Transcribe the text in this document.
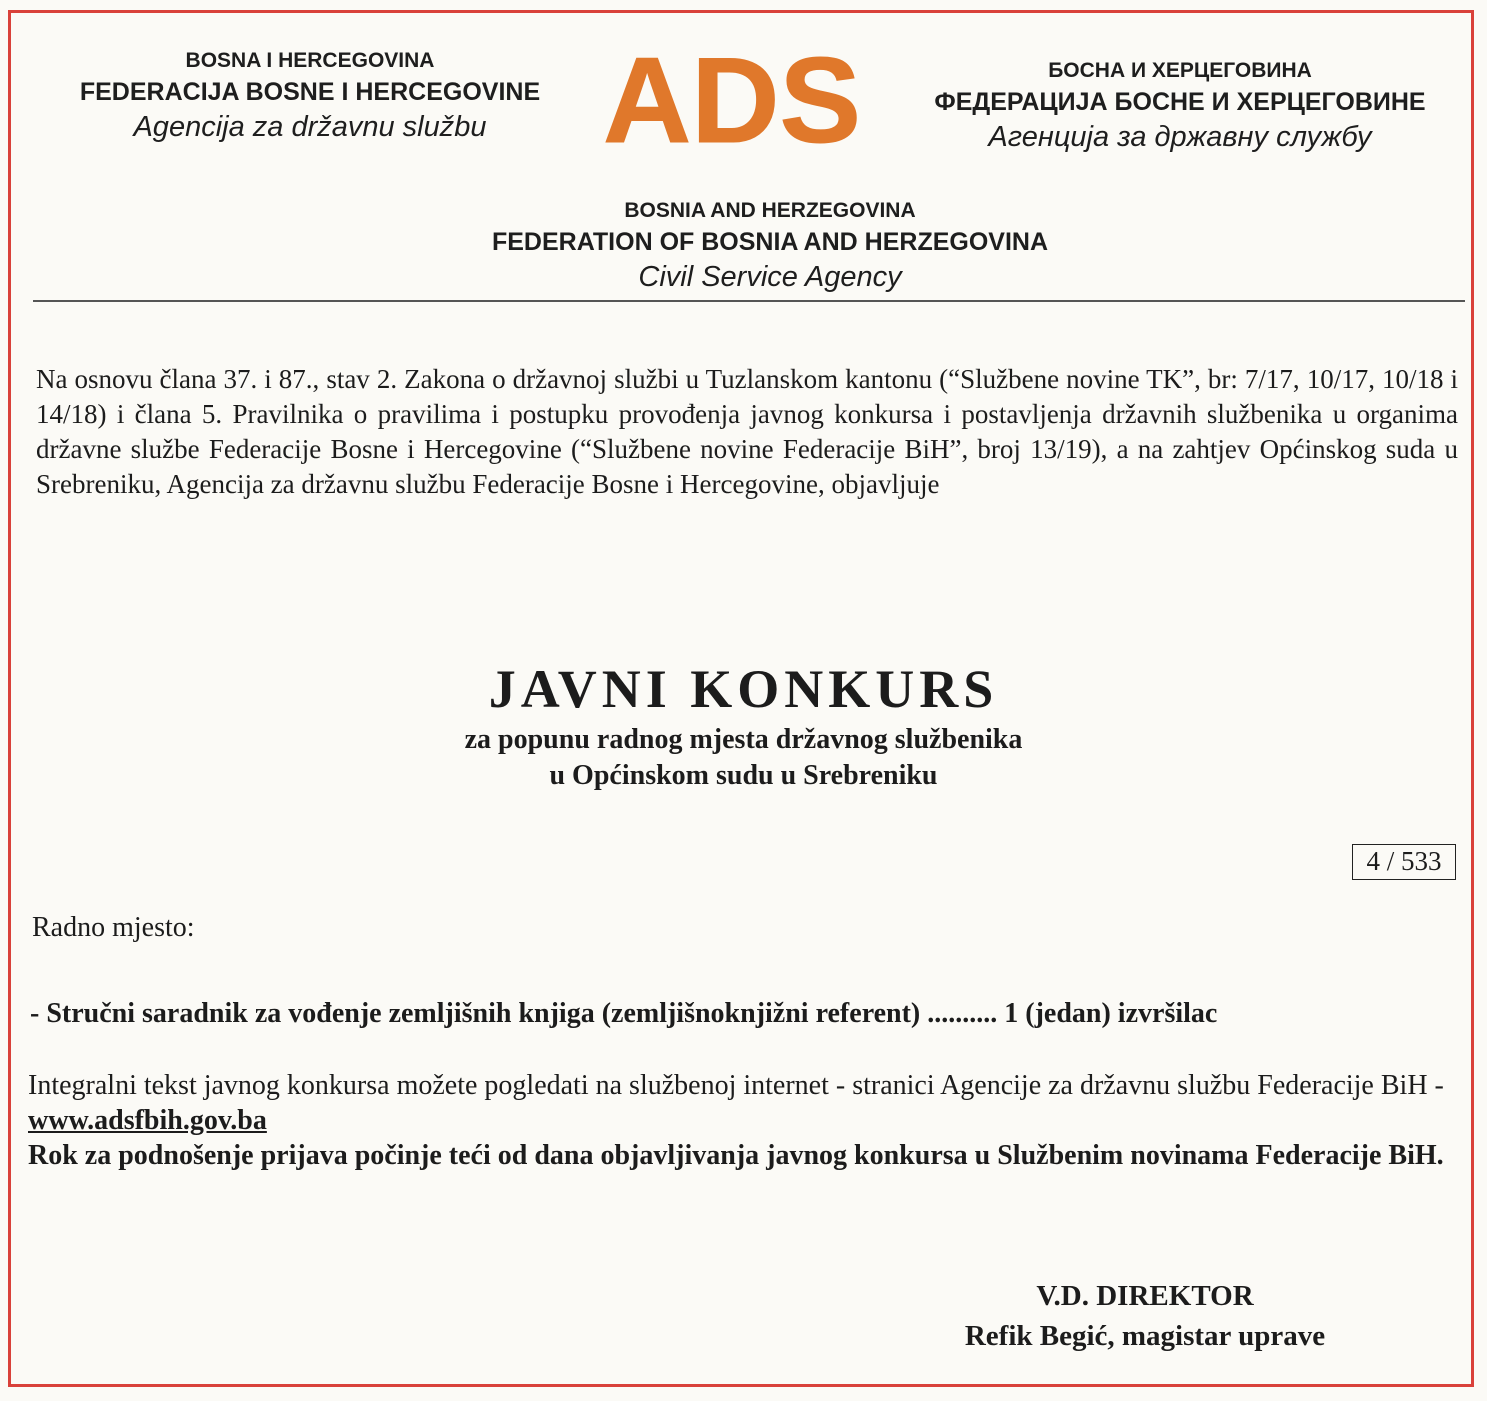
BOSNA I HERCEGOVINA
FEDERACIJA BOSNE I HERCEGOVINE
Agencija za državnu službu ADS	БОСНА И ХЕРЦЕГОВИНА
ФЕДЕРАЦИЈА БОСНЕ И ХЕРЦЕГОВИНЕ
Агенција за државну службу
BOSNIA AND HERZEGOVINA
FEDERATION OF BOSNIA AND HERZEGOVINA
Civil Service Agency
Na osnovu člana 37. i 87., stav 2. Zakona o državnoj službi u Tuzlanskom kantonu (“Službene novine TK”, br: 7/17, 10/17, 10/18 i 14/18) i člana 5. Pravilnika o pravilima i postupku provođenja javnog konkursa i postavljenja državnih službenika u organima državne službe Federacije Bosne i Hercegovine (“Službene novine Federacije BiH”, broj 13/19), a na zahtjev Općinskog suda u Srebreniku, Agencija za državnu službu Federacije Bosne i Hercegovine, objavljuje
JAVNI KONKURS
za popunu radnog mjesta državnog službenika
u Općinskom sudu u Srebreniku
4 / 533
Radno mjesto:
- Stručni saradnik za vođenje zemljišnih knjiga (zemljišnoknjižni referent) .......... 1 (jedan) izvršilac
Integralni tekst javnog konkursa možete pogledati na službenoj internet - stranici Agencije za državnu službu Federacije BiH - www.adsfbih.gov.ba
Rok za podnošenje prijava počinje teći od dana objavljivanja javnog konkursa u Službenim novinama Federacije BiH.
V.D. DIREKTOR
Refik Begić, magistar uprave
